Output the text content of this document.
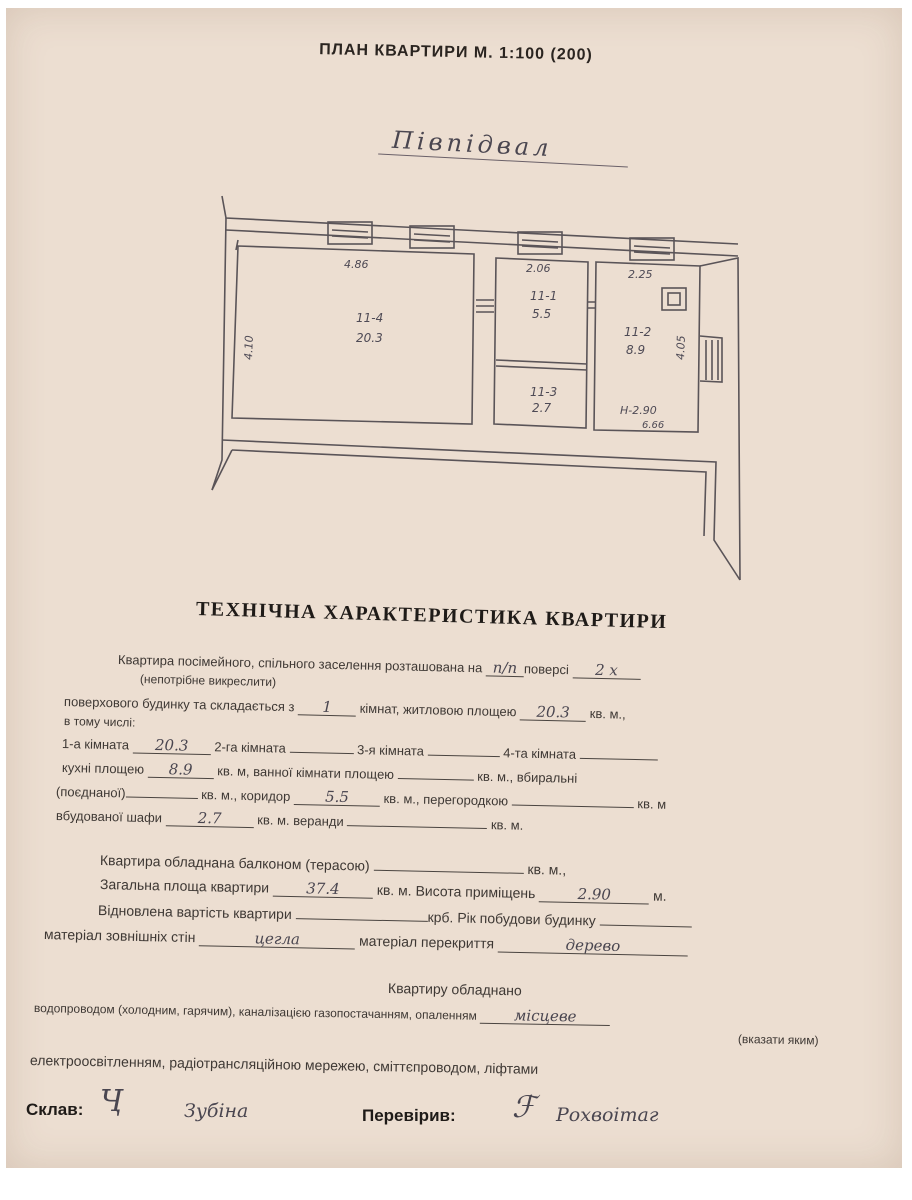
ПЛАН КВАРТИРИ М. 1:100 (200)
Півпідвал
4.86	2.06	2.25
4.10	4.05
11-4
20.3
11-1
5.5
11-3
2.7
11-2
8.9
H-2.90
6.66
ТЕХНІЧНА ХАРАКТЕРИСТИКА КВАРТИРИ
Квартира посімейного, спільного заселення розташована на п/п поверсі 2 х
(непотрібне викреслити)
поверхового будинку та складається з 1 кімнат, житловою площею 20.3 кв. м.,
в тому числі:
1-а кімната 20.3 2-га кімната	3-я кімната	4-та кімната
кухні площею 8.9 кв. м, ванної кімнати площею	кв. м., вбиральні
(поєднаної)	кв. м., коридор 5.5	кв. м., перегородкою	кв. м
вбудованої шафи 2.7	кв. м. веранди	кв. м.
Квартира обладнана балконом (терасою)	кв. м.,
Загальна площа квартири 37.4	кв. м. Висота приміщень	2.90	м.
Відновлена вартість квартири	крб. Рік побудови будинку
матеріал зовнішніх стін	цегла	матеріал перекриття	дерево
Квартиру обладнано
водопроводом (холодним, гарячим), каналізацією газопостачанням, опаленням місцеве
(вказати яким)
електроосвітленням, радіотрансляційною мережею, сміттєпроводом, ліфтами
Склав: Ҷ	Зубіна	Перевірив: ℱ Рохвоітаг
